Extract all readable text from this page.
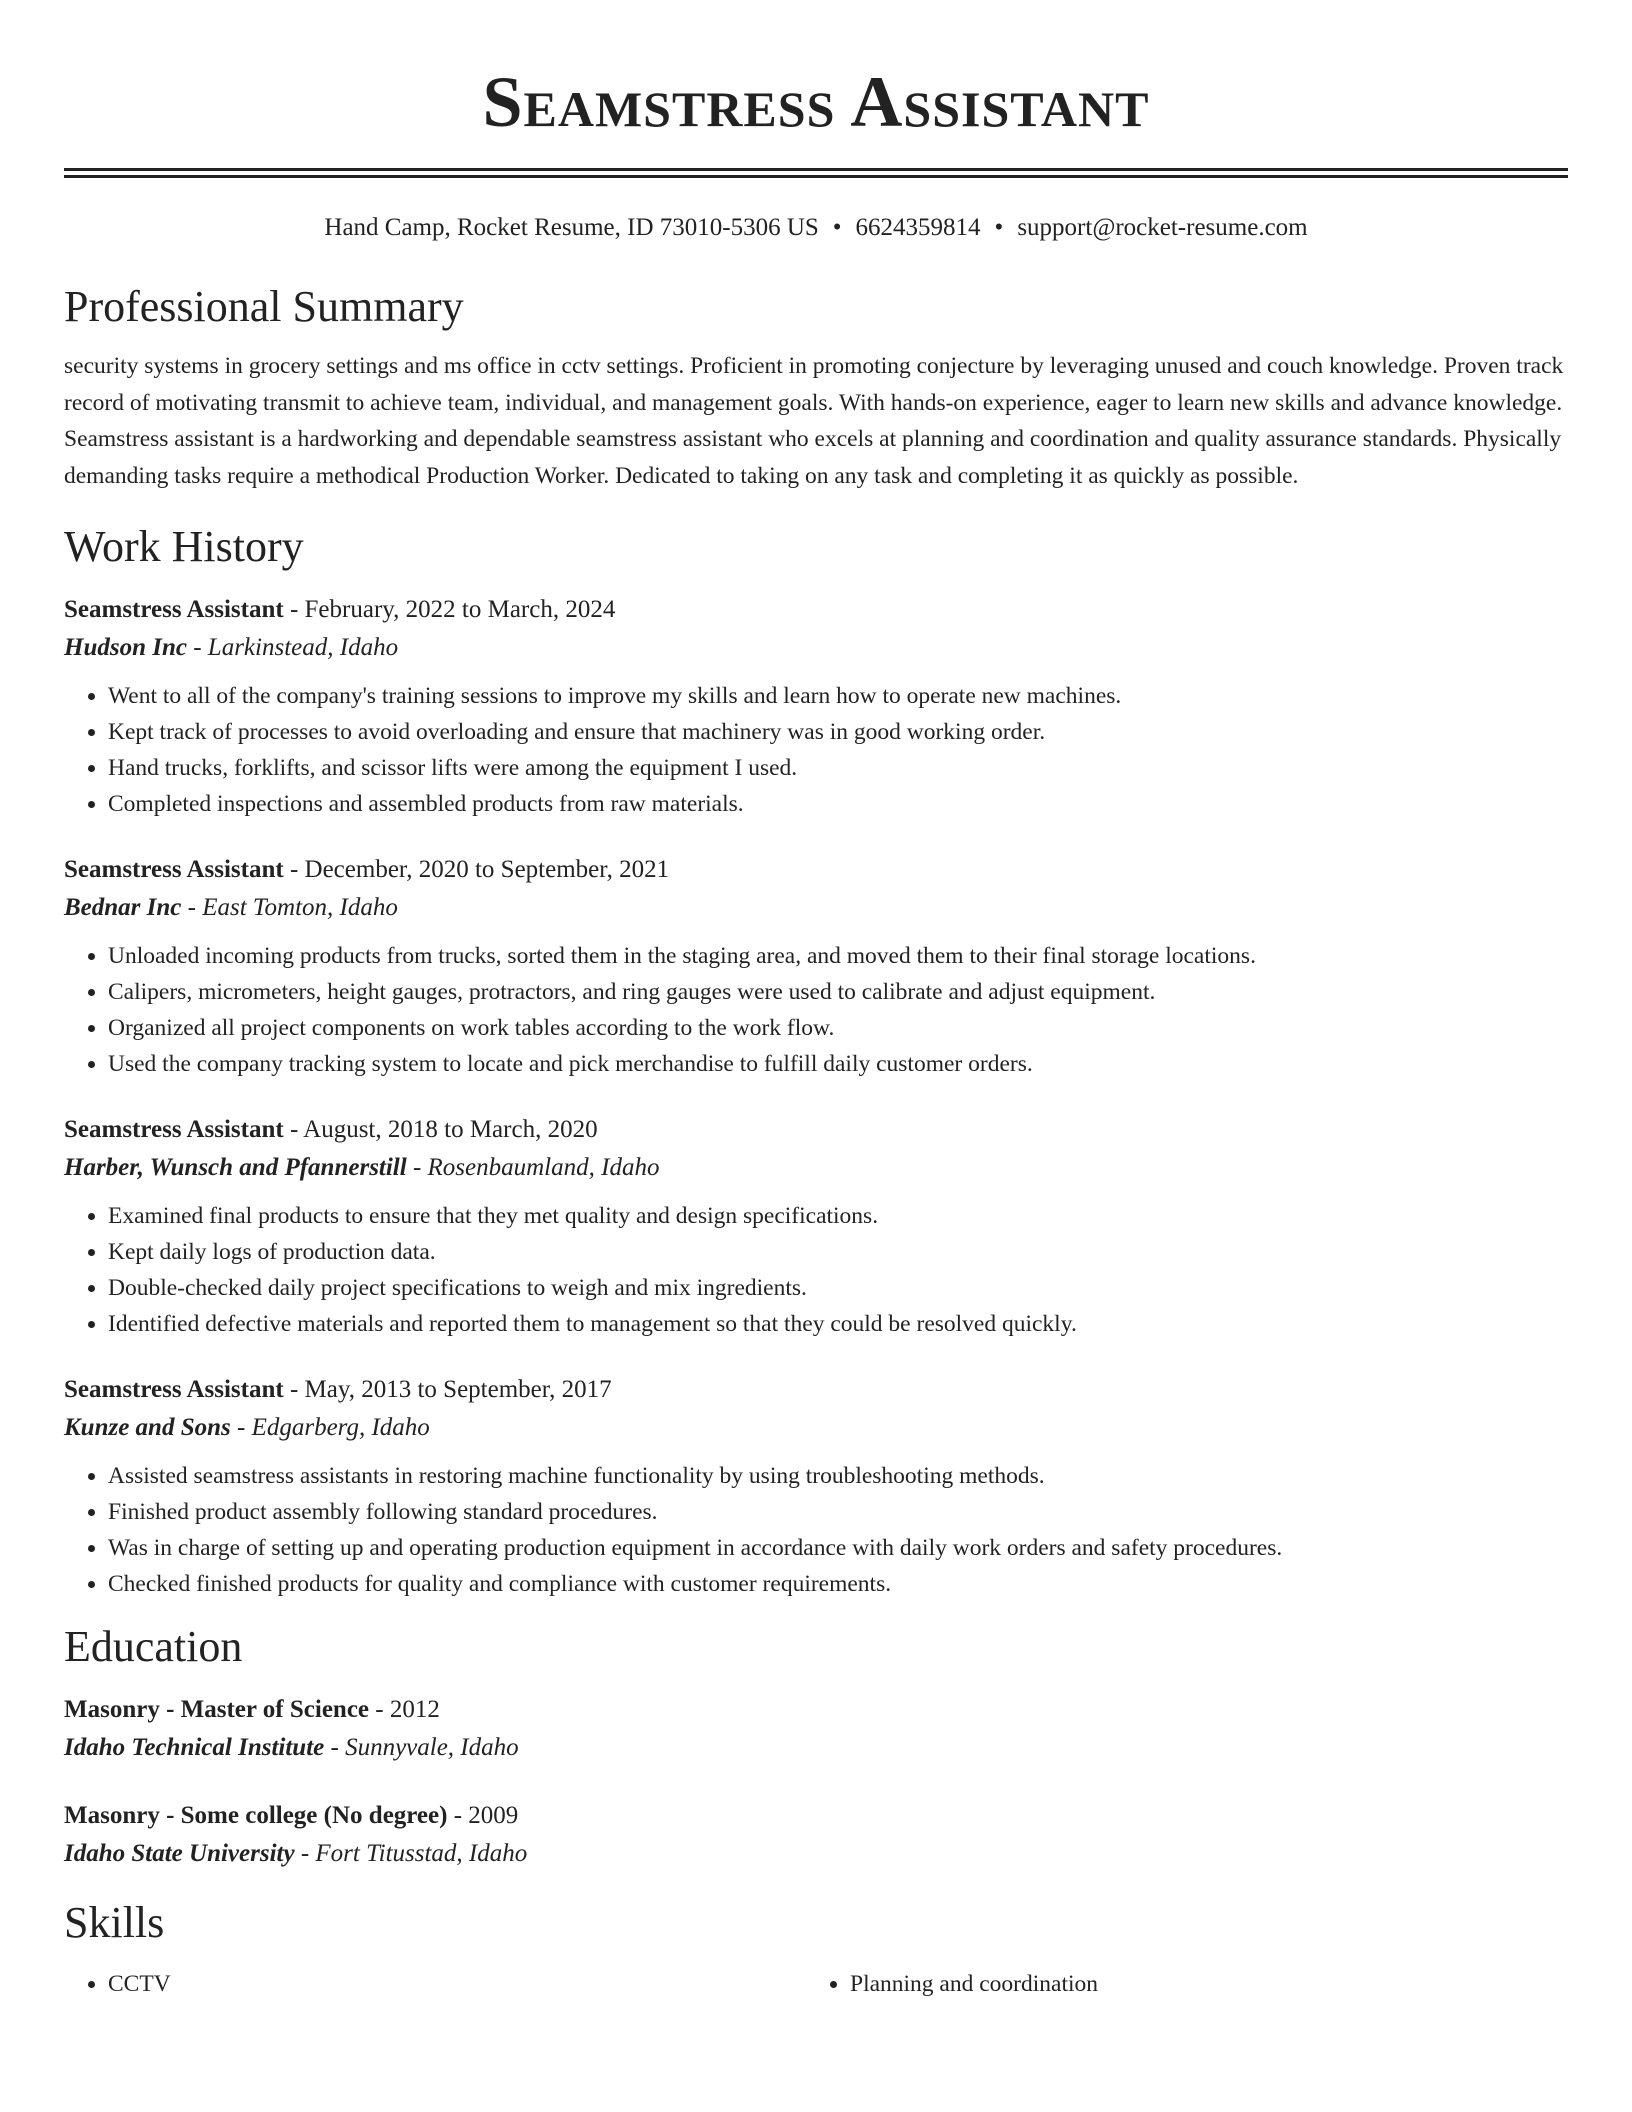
Seamstress Assistant
Hand Camp, Rocket Resume, ID 73010-5306 US • 6624359814 • support@rocket-resume.com
Professional Summary
security systems in grocery settings and ms office in cctv settings. Proficient in promoting conjecture by leveraging unused and couch knowledge. Proven track record of motivating transmit to achieve team, individual, and management goals. With hands-on experience, eager to learn new skills and advance knowledge. Seamstress assistant is a hardworking and dependable seamstress assistant who excels at planning and coordination and quality assurance standards. Physically demanding tasks require a methodical Production Worker. Dedicated to taking on any task and completing it as quickly as possible.
Work History
Seamstress Assistant - February, 2022 to March, 2024
Hudson Inc - Larkinstead, Idaho
• Went to all of the company's training sessions to improve my skills and learn how to operate new machines.
• Kept track of processes to avoid overloading and ensure that machinery was in good working order.
• Hand trucks, forklifts, and scissor lifts were among the equipment I used.
• Completed inspections and assembled products from raw materials.
Seamstress Assistant - December, 2020 to September, 2021
Bednar Inc - East Tomton, Idaho
• Unloaded incoming products from trucks, sorted them in the staging area, and moved them to their final storage locations.
• Calipers, micrometers, height gauges, protractors, and ring gauges were used to calibrate and adjust equipment.
• Organized all project components on work tables according to the work flow.
• Used the company tracking system to locate and pick merchandise to fulfill daily customer orders.
Seamstress Assistant - August, 2018 to March, 2020
Harber, Wunsch and Pfannerstill - Rosenbaumland, Idaho
• Examined final products to ensure that they met quality and design specifications.
• Kept daily logs of production data.
• Double-checked daily project specifications to weigh and mix ingredients.
• Identified defective materials and reported them to management so that they could be resolved quickly.
Seamstress Assistant - May, 2013 to September, 2017
Kunze and Sons - Edgarberg, Idaho
• Assisted seamstress assistants in restoring machine functionality by using troubleshooting methods.
• Finished product assembly following standard procedures.
• Was in charge of setting up and operating production equipment in accordance with daily work orders and safety procedures.
• Checked finished products for quality and compliance with customer requirements.
Education
Masonry - Master of Science - 2012
Idaho Technical Institute - Sunnyvale, Idaho
Masonry - Some college (No degree) - 2009
Idaho State University - Fort Titusstad, Idaho
Skills
• CCTV
•	Planning and coordination
